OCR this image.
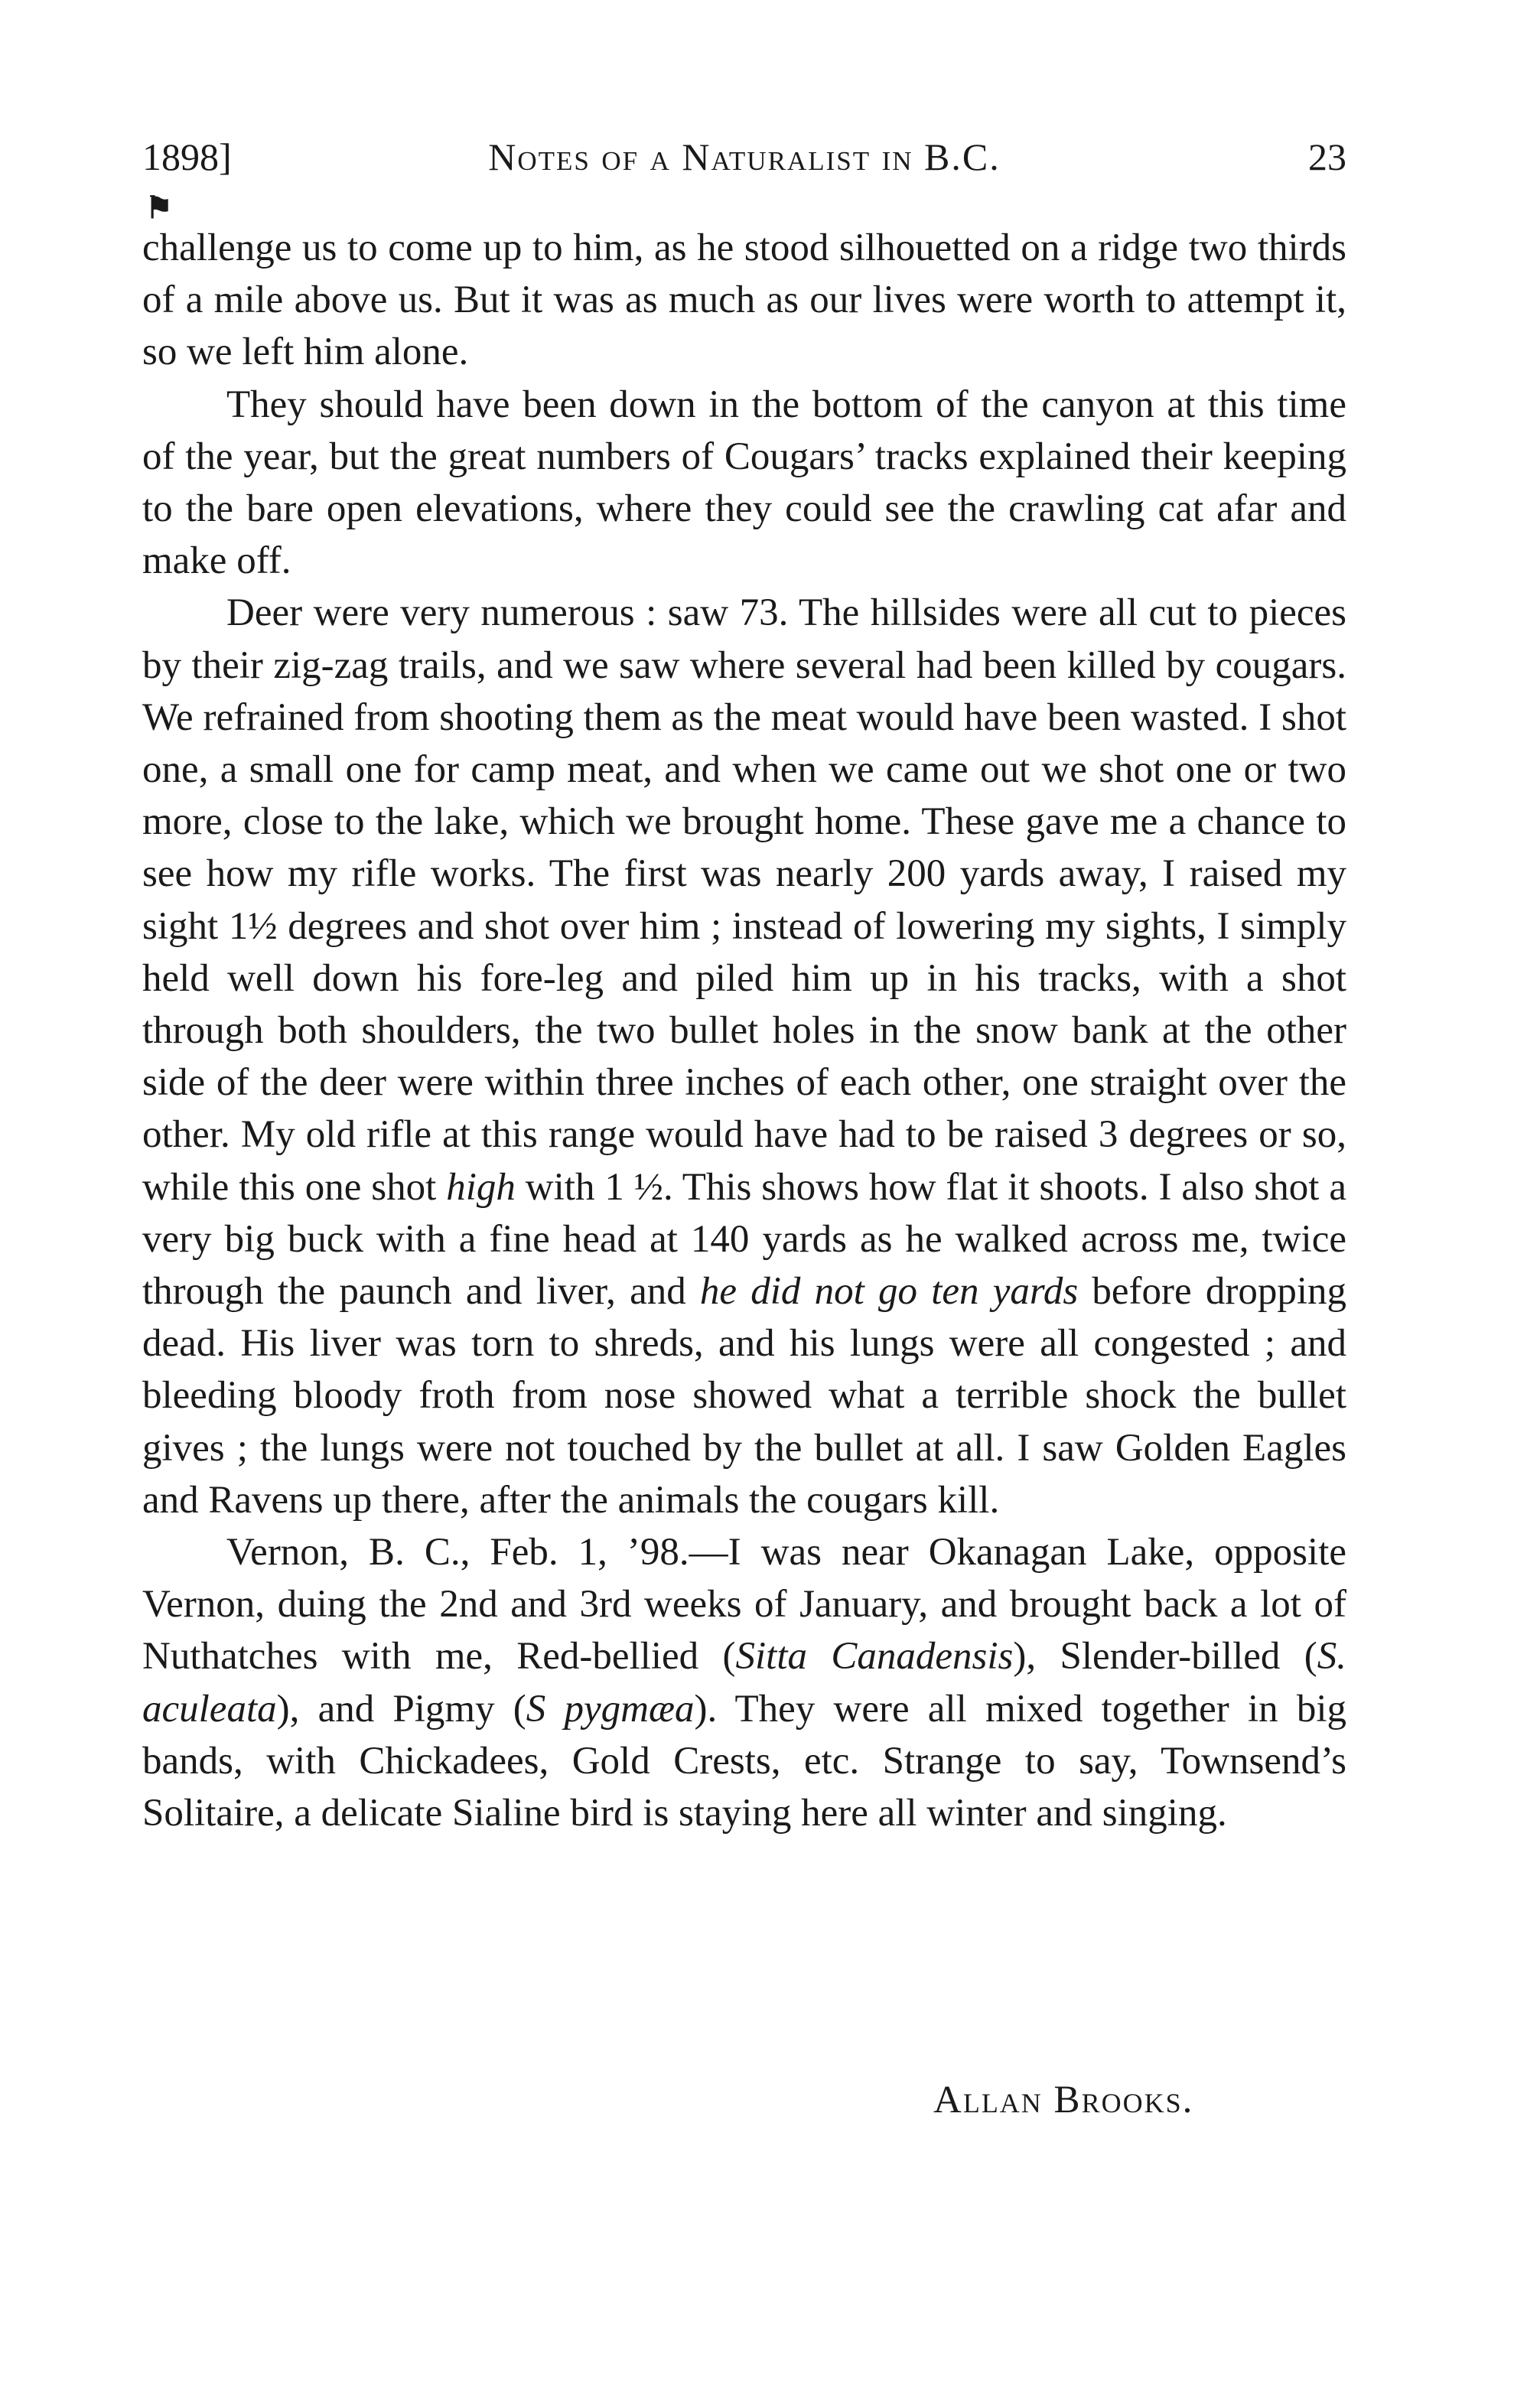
1898]	Notes of a Naturalist in B.C.	23
⚑

challenge us to come up to him, as he stood silhouetted on a ridge two thirds of a mile above us. But it was as much as our lives were worth to attempt it, so we left him alone.

They should have been down in the bottom of the canyon at this time of the year, but the great numbers of Cougars’ tracks explained their keeping to the bare open elevations, where they could see the crawling cat afar and make off.

Deer were very numerous : saw 73. The hillsides were all cut to pieces by their zig-zag trails, and we saw where several had been killed by cougars. We refrained from shooting them as the meat would have been wasted. I shot one, a small one for camp meat, and when we came out we shot one or two more, close to the lake, which we brought home. These gave me a chance to see how my rifle works. The first was nearly 200 yards away, I raised my sight 1½ degrees and shot over him ; instead of lowering my sights, I simply held well down his fore-leg and piled him up in his tracks, with a shot through both shoulders, the two bullet holes in the snow bank at the other side of the deer were within three inches of each other, one straight over the other. My old rifle at this range would have had to be raised 3 degrees or so, while this one shot high with 1 ½. This shows how flat it shoots. I also shot a very big buck with a fine head at 140 yards as he walked across me, twice through the paunch and liver, and he did not go ten yards before dropping dead. His liver was torn to shreds, and his lungs were all congested ; and bleeding bloody froth from nose showed what a terrible shock the bullet gives ; the lungs were not touched by the bullet at all. I saw Golden Eagles and Ravens up there, after the animals the cougars kill.

Vernon, B. C., Feb. 1, ’98.—I was near Okanagan Lake, opposite Vernon, duing the 2nd and 3rd weeks of January, and brought back a lot of Nuthatches with me, Red-bellied (Sitta Canadensis), Slender-billed (S. aculeata), and Pigmy (S pygmæa). They were all mixed together in big bands, with Chickadees, Gold Crests, etc. Strange to say, Townsend’s Solitaire, a delicate Sialine bird is staying here all winter and singing.

Allan Brooks.
